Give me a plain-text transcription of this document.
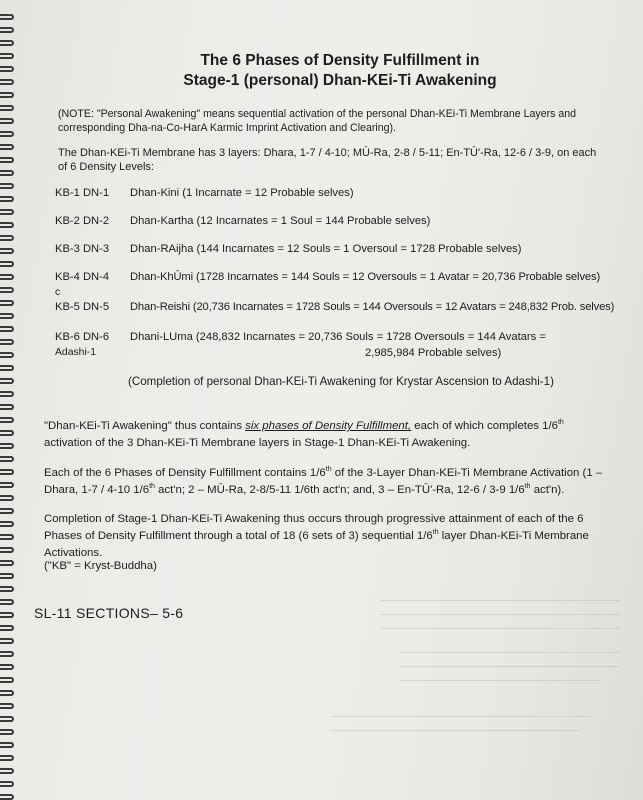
The 6 Phases of Density Fulfillment in
Stage-1 (personal) Dhan-KEi-Ti Awakening
(NOTE: "Personal Awakening" means sequential activation of the personal Dhan-KEi-Ti Membrane Layers and corresponding Dha-na-Co-HarA Karmic Imprint Activation and Clearing).
The Dhan-KEi-Ti Membrane has 3 layers: Dhara, 1-7 / 4-10; MŪ-Ra, 2-8 / 5-11; En-TŪ'-Ra, 12-6 / 3-9, on each of 6 Density Levels:
KB-1 DN-1	Dhan-Kini (1 Incarnate = 12 Probable selves)
KB-2 DN-2	Dhan-Kartha (12 Incarnates = 1 Soul = 144 Probable selves)
KB-3 DN-3	Dhan-RAijha (144 Incarnates = 12 Souls = 1 Oversoul = 1728 Probable selves)
KB-4 DN-4	Dhan-KhŪmi (1728 Incarnates = 144 Souls = 12 Oversouls = 1 Avatar = 20,736 Probable selves)
c
KB-5 DN-5	Dhan-Reishi (20,736 Incarnates = 1728 Souls = 144 Oversouls = 12 Avatars = 248,832 Prob. selves)
KB-6 DN-6	Dhani-LUma (248,832 Incarnates = 20,736 Souls = 1728 Oversouls = 144 Avatars =
Adashi-1	2,985,984 Probable selves)
(Completion of personal Dhan-KEi-Ti Awakening for Krystar Ascension to Adashi-1)
"Dhan-KEi-Ti Awakening" thus contains six phases of Density Fulfillment, each of which completes 1/6th activation of the 3 Dhan-KEi-Ti Membrane layers in Stage-1 Dhan-KEi-Ti Awakening.
Each of the 6 Phases of Density Fulfillment contains 1/6th of the 3-Layer Dhan-KEi-Ti Membrane Activation (1 – Dhara, 1-7 / 4-10 1/6th act'n; 2 – MŪ-Ra, 2-8/5-11 1/6th act'n; and, 3 – En-TŪ'-Ra, 12-6 / 3-9 1/6th act'n).
Completion of Stage-1 Dhan-KEi-Ti Awakening thus occurs through progressive attainment of each of the 6 Phases of Density Fulfillment through a total of 18 (6 sets of 3) sequential 1/6th layer Dhan-KEi-Ti Membrane Activations.
("KB" = Kryst-Buddha)
SL-11 SECTIONS– 5-6
